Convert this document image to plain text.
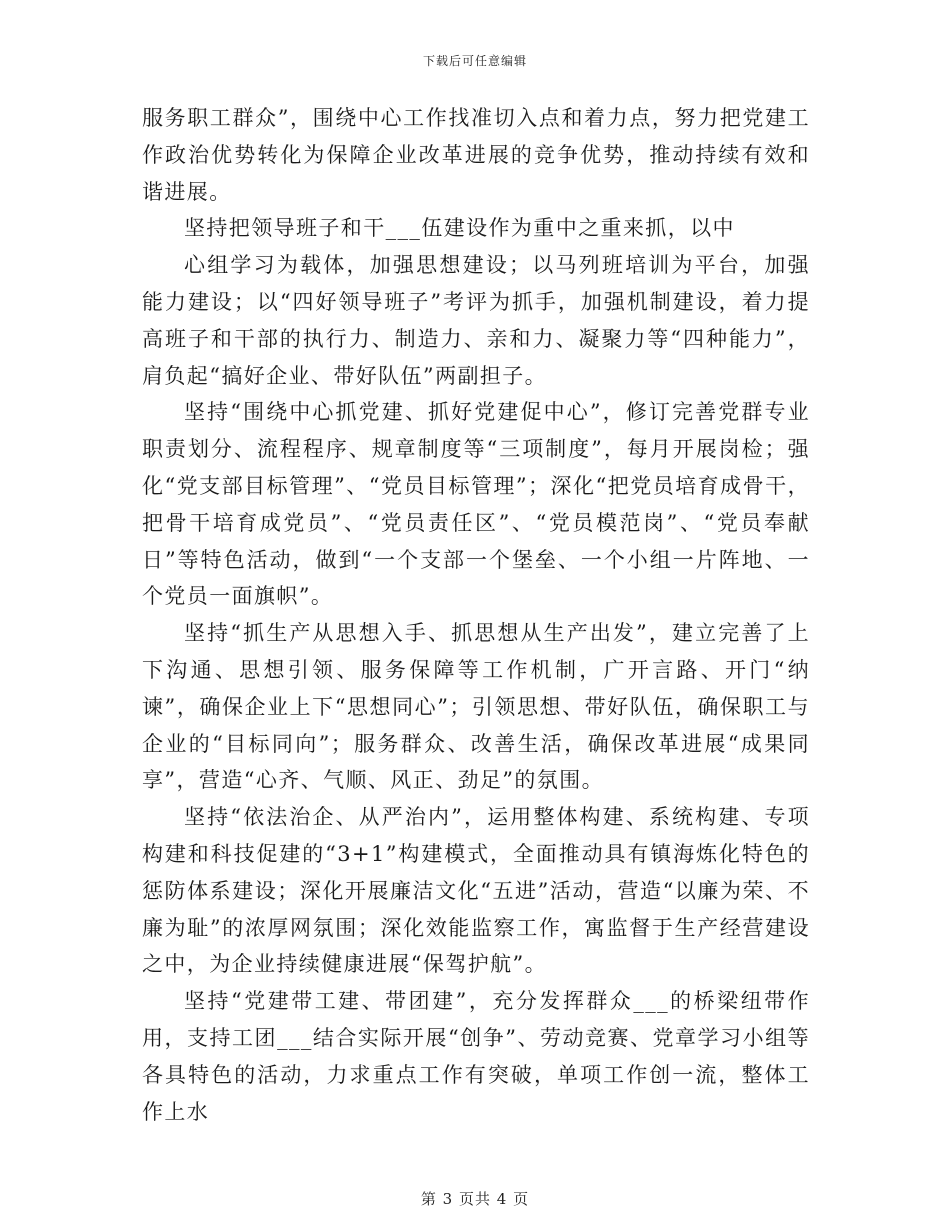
下载后可任意编辑

服务职工群众”，围绕中心工作找准切入点和着力点，努力把党建工作政治优势转化为保障企业改革进展的竞争优势，推动持续有效和谐进展。

坚持把领导班子和干___伍建设作为重中之重来抓，以中

心组学习为载体，加强思想建设；以马列班培训为平台，加强能力建设；以“四好领导班子”考评为抓手，加强机制建设，着力提高班子和干部的执行力、制造力、亲和力、凝聚力等“四种能力”，肩负起“搞好企业、带好队伍”两副担子。

坚持“围绕中心抓党建、抓好党建促中心”，修订完善党群专业职责划分、流程程序、规章制度等“三项制度”，每月开展岗检；强化“党支部目标管理”、“党员目标管理”；深化“把党员培育成骨干，把骨干培育成党员”、“党员责任区”、“党员模范岗”、“党员奉献日”等特色活动，做到“一个支部一个堡垒、一个小组一片阵地、一个党员一面旗帜”。

坚持“抓生产从思想入手、抓思想从生产出发”，建立完善了上下沟通、思想引领、服务保障等工作机制，广开言路、开门“纳谏”，确保企业上下“思想同心”；引领思想、带好队伍，确保职工与企业的“目标同向”；服务群众、改善生活，确保改革进展“成果同享”，营造“心齐、气顺、风正、劲足”的氛围。

坚持“依法治企、从严治内”，运用整体构建、系统构建、专项构建和科技促建的“3+1”构建模式，全面推动具有镇海炼化特色的惩防体系建设；深化开展廉洁文化“五进”活动，营造“以廉为荣、不廉为耻”的浓厚网氛围；深化效能监察工作，寓监督于生产经营建设之中，为企业持续健康进展“保驾护航”。

坚持“党建带工建、带团建”，充分发挥群众___的桥梁纽带作用，支持工团___结合实际开展“创争”、劳动竞赛、党章学习小组等各具特色的活动，力求重点工作有突破，单项工作创一流，整体工作上水

第 3 页共 4 页
